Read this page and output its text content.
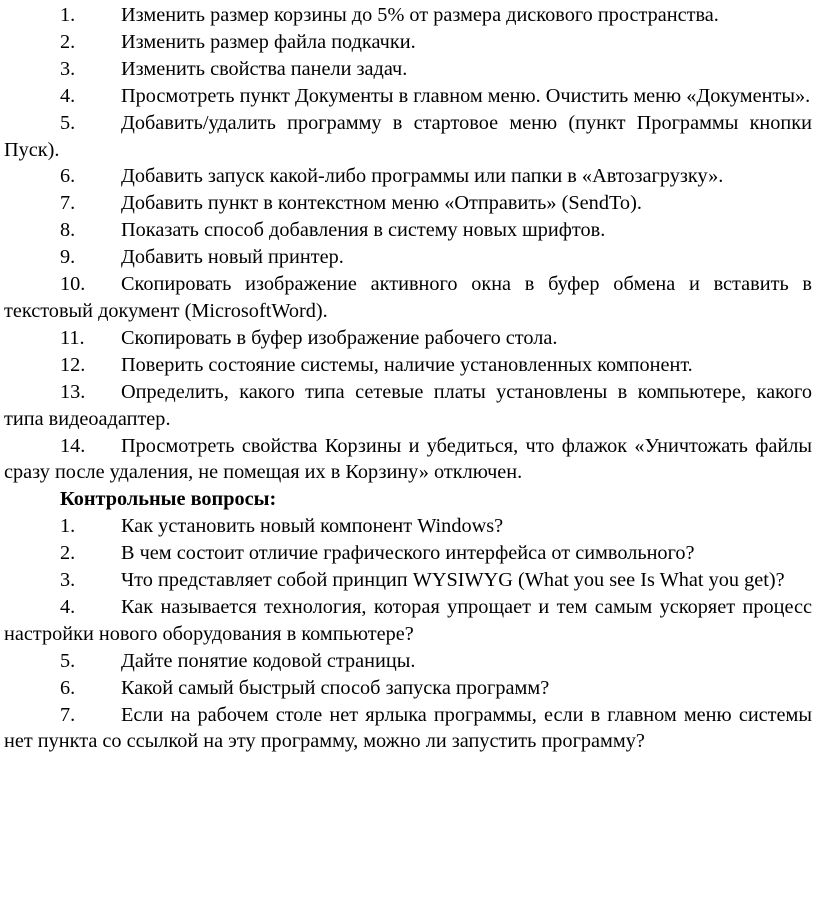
1. Изменить размер корзины до 5% от размера дискового пространства.

2. Изменить размер файла подкачки.

3. Изменить свойства панели задач.

4. Просмотреть пункт Документы в главном меню. Очистить меню «Документы».

5. Добавить/удалить программу в стартовое меню (пункт Программы кнопки Пуск).

6. Добавить запуск какой-либо программы или папки в «Автозагрузку».

7. Добавить пункт в контекстном меню «Отправить» (SendTo).

8. Показать способ добавления в систему новых шрифтов.

9. Добавить новый принтер.

10. Скопировать изображение активного окна в буфер обмена и вставить в текстовый документ (MicrosoftWord).

11. Скопировать в буфер изображение рабочего стола.

12. Поверить состояние системы, наличие установленных компонент.

13. Определить, какого типа сетевые платы установлены в компьютере, какого типа видеоадаптер.

14. Просмотреть свойства Корзины и убедиться, что флажок «Уничтожать файлы сразу после удаления, не помещая их в Корзину» отключен.

Контрольные вопросы:

1. Как установить новый компонент Windows?

2. В чем состоит отличие графического интерфейса от символьного?

3. Что представляет собой принцип WYSIWYG (What you see Is What you get)?

4. Как называется технология, которая упрощает и тем самым ускоряет процесс настройки нового оборудования в компьютере?

5. Дайте понятие кодовой страницы.

6. Какой самый быстрый способ запуска программ?

7. Если на рабочем столе нет ярлыка программы, если в главном меню системы нет пункта со ссылкой на эту программу, можно ли запустить программу?
